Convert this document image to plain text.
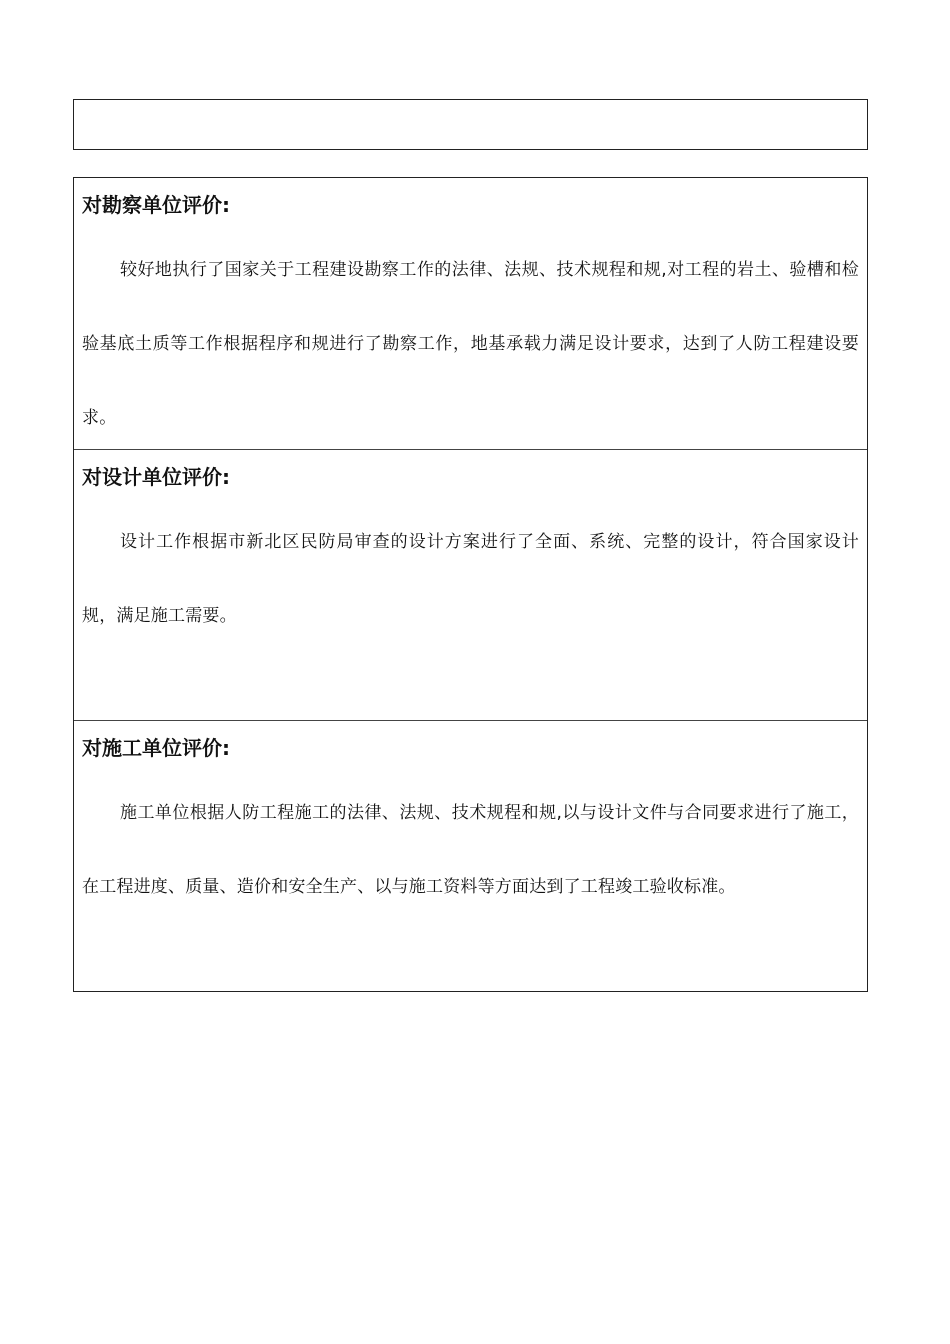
对勘察单位评价:

较好地执行了国家关于工程建设勘察工作的法律、法规、技术规程和规,对工程的岩土、验槽和检验基底土质等工作根据程序和规进行了勘察工作，地基承载力满足设计要求，达到了人防工程建设要求。

对设计单位评价:

设计工作根据市新北区民防局审查的设计方案进行了全面、系统、完整的设计，符合国家设计规，满足施工需要。

对施工单位评价:

施工单位根据人防工程施工的法律、法规、技术规程和规,以与设计文件与合同要求进行了施工，在工程进度、质量、造价和安全生产、以与施工资料等方面达到了工程竣工验收标准。
